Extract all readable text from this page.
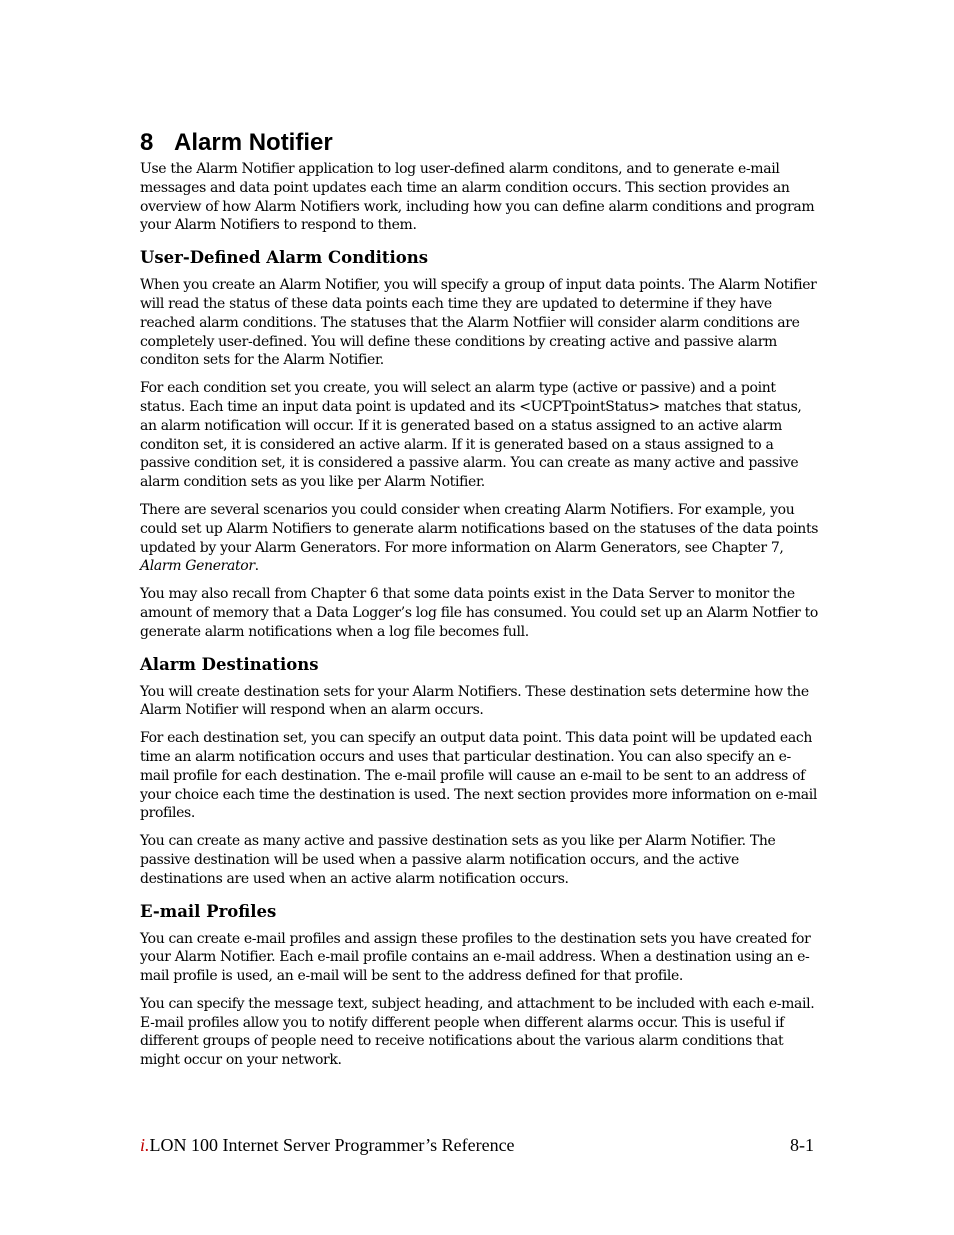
8 Alarm Notifier

Use the Alarm Notifier application to log user-defined alarm conditons, and to generate e-mail messages and data point updates each time an alarm condition occurs. This section provides an overview of how Alarm Notifiers work, including how you can define alarm conditions and program your Alarm Notifiers to respond to them.

User-Defined Alarm Conditions

When you create an Alarm Notifier, you will specify a group of input data points. The Alarm Notifier will read the status of these data points each time they are updated to determine if they have reached alarm conditions. The statuses that the Alarm Notfiier will consider alarm conditions are completely user-defined. You will define these conditions by creating active and passive alarm conditon sets for the Alarm Notifier.

For each condition set you create, you will select an alarm type (active or passive) and a point status. Each time an input data point is updated and its <UCPTpointStatus> matches that status, an alarm notification will occur. If it is generated based on a status assigned to an active alarm conditon set, it is considered an active alarm. If it is generated based on a staus assigned to a passive condition set, it is considered a passive alarm. You can create as many active and passive alarm condition sets as you like per Alarm Notifier.

There are several scenarios you could consider when creating Alarm Notifiers. For example, you could set up Alarm Notifiers to generate alarm notifications based on the statuses of the data points updated by your Alarm Generators. For more information on Alarm Generators, see Chapter 7, Alarm Generator.

You may also recall from Chapter 6 that some data points exist in the Data Server to monitor the amount of memory that a Data Logger’s log file has consumed. You could set up an Alarm Notfier to generate alarm notifications when a log file becomes full.

Alarm Destinations

You will create destination sets for your Alarm Notifiers. These destination sets determine how the Alarm Notifier will respond when an alarm occurs.

For each destination set, you can specify an output data point. This data point will be updated each time an alarm notification occurs and uses that particular destination. You can also specify an e-mail profile for each destination. The e-mail profile will cause an e-mail to be sent to an address of your choice each time the destination is used. The next section provides more information on e-mail profiles.

You can create as many active and passive destination sets as you like per Alarm Notifier. The passive destination will be used when a passive alarm notification occurs, and the active destinations are used when an active alarm notification occurs.

E-mail Profiles

You can create e-mail profiles and assign these profiles to the destination sets you have created for your Alarm Notifier. Each e-mail profile contains an e-mail address. When a destination using an e-mail profile is used, an e-mail will be sent to the address defined for that profile.

You can specify the message text, subject heading, and attachment to be included with each e-mail. E-mail profiles allow you to notify different people when different alarms occur. This is useful if different groups of people need to receive notifications about the various alarm conditions that might occur on your network.

i.LON 100 Internet Server Programmer’s Reference	8-1
